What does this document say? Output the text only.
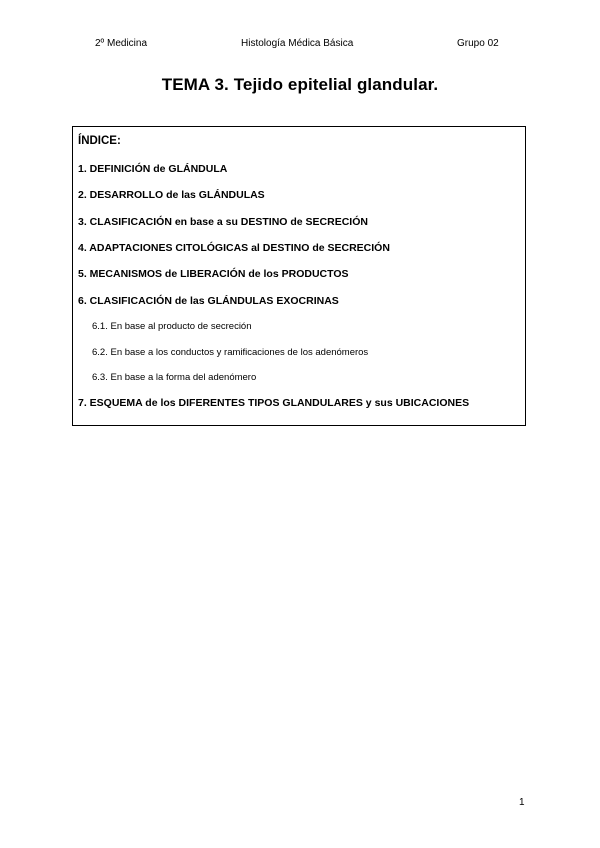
2º Medicina	Histología Médica Básica	Grupo 02
TEMA 3. Tejido epitelial glandular.
ÍNDICE:
1. DEFINICIÓN de GLÁNDULA
2. DESARROLLO de las GLÁNDULAS
3. CLASIFICACIÓN en base a su DESTINO de SECRECIÓN
4. ADAPTACIONES CITOLÓGICAS al DESTINO de SECRECIÓN
5. MECANISMOS de LIBERACIÓN de los PRODUCTOS
6. CLASIFICACIÓN de las GLÁNDULAS EXOCRINAS
6.1. En base al producto de secreción
6.2. En base a los conductos y ramificaciones de los adenómeros
6.3. En base a la forma del adenómero
7. ESQUEMA de los DIFERENTES TIPOS GLANDULARES y sus UBICACIONES
1
